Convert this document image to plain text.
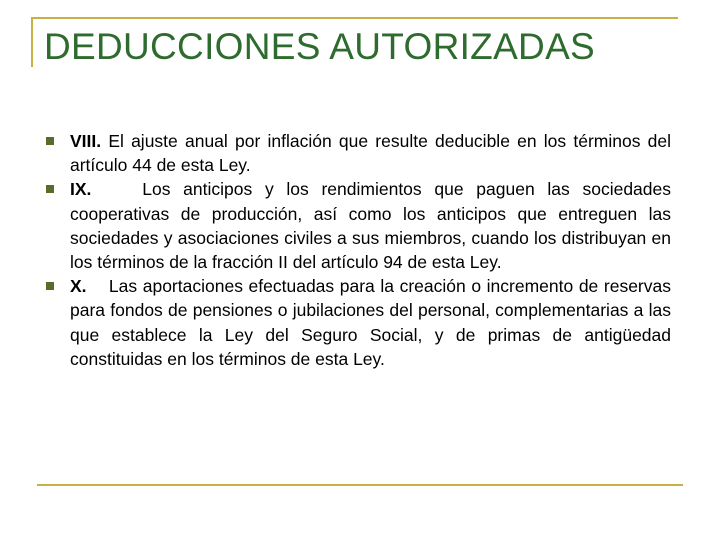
DEDUCCIONES AUTORIZADAS

VIII. El ajuste anual por inflación que resulte deducible en los términos del artículo 44 de esta Ley.

IX.    Los anticipos y los rendimientos que paguen las sociedades cooperativas de producción, así como los anticipos que entreguen las sociedades y asociaciones civiles a sus miembros, cuando los distribuyan en los términos de la fracción II del artículo 94 de esta Ley.

X.    Las aportaciones efectuadas para la creación o incremento de reservas para fondos de pensiones o jubilaciones del personal, complementarias a las que establece la Ley del Seguro Social, y de primas de antigüedad constituidas en los términos de esta Ley.
